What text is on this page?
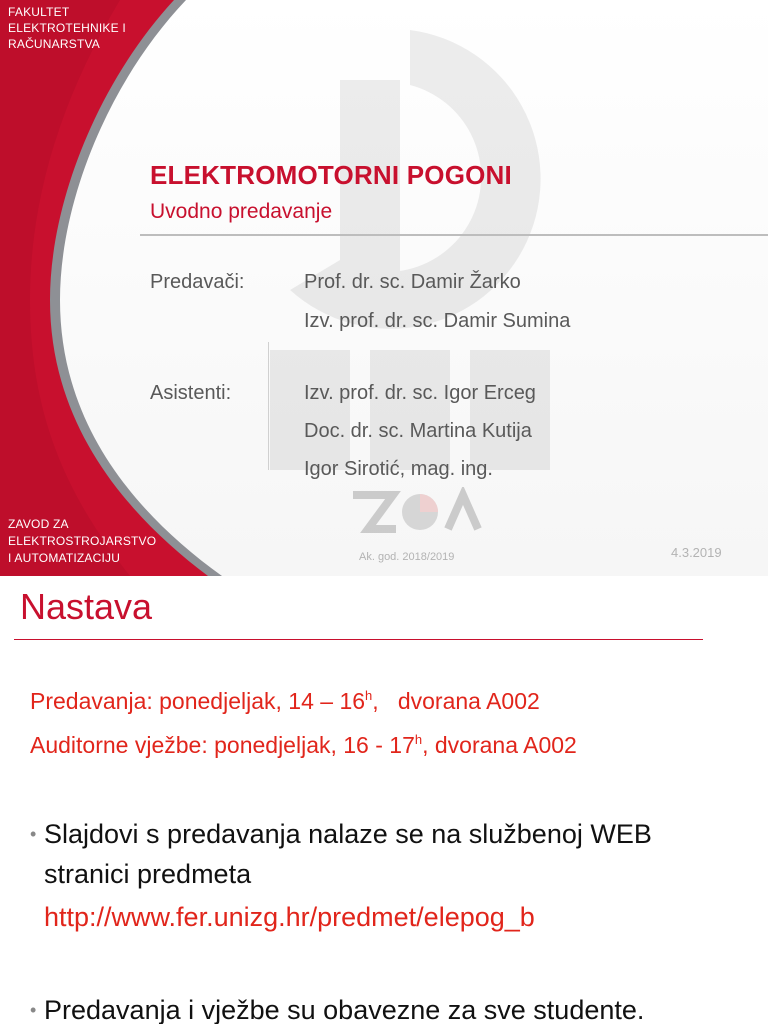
FAKULTET
ELEKTROTEHNIKE I
RAČUNARSTVA
ZAVOD ZA
ELEKTROSTROJARSTVO
I AUTOMATIZACIJU
ELEKTROMOTORNI POGONI
Uvodno predavanje
Predavači:	Prof. dr. sc. Damir Žarko
Izv. prof. dr. sc. Damir Sumina
Asistenti:	Izv. prof. dr. sc. Igor Erceg
Doc. dr. sc. Martina Kutija
Igor Sirotić, mag. ing.
Ak. god. 2018/2019	4.3.2019
Nastava
Predavanja: ponedjeljak, 14 – 16$^h$,   dvorana A002
Auditorne vježbe: ponedjeljak, 16 - 17$^h$, dvorana A002
• Slajdovi s predavanja nalaze se na službenoj WEB
stranici predmeta
http://www.fer.unizg.hr/predmet/elepog_b
• Predavanja i vježbe su obavezne za sve studente.
